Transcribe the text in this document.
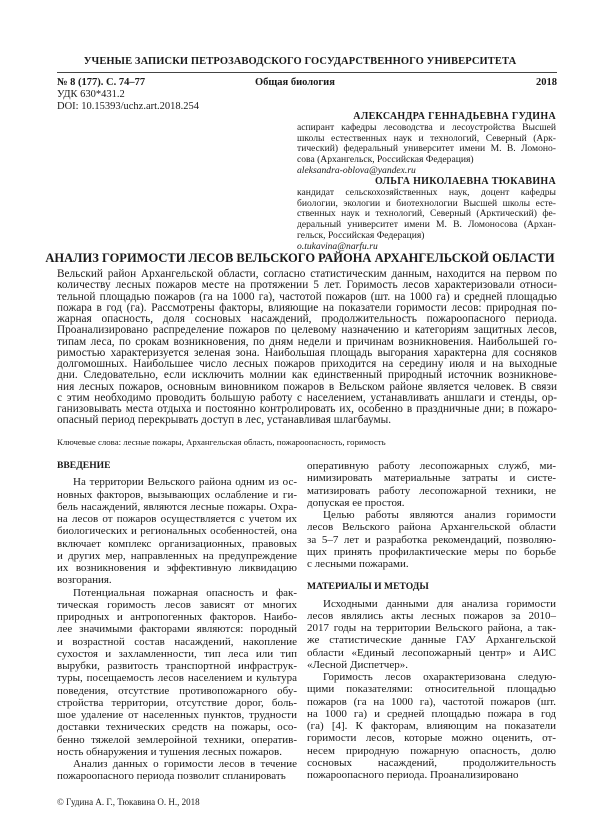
УЧЕНЫЕ ЗАПИСКИ ПЕТРОЗАВОДСКОГО ГОСУДАРСТВЕННОГО УНИВЕРСИТЕТА
№ 8 (177). С. 74–77	Общая биология	2018
УДК 630*431.2
DOI: 10.15393/uchz.art.2018.254
АЛЕКСАНДРА ГЕННАДЬЕВНА ГУДИНА
аспирант кафедры лесоводства и лесоустройства Высшей
школы естественных наук и технологий, Северный (Арк-
тический) федеральный университет имени М. В. Ломоно-
сова (Архангельск, Российская Федерация)
aleksandra-oblova@yandex.ru
ОЛЬГА НИКОЛАЕВНА ТЮКАВИНА
кандидат сельскохозяйственных наук, доцент кафедры
биологии, экологии и биотехнологии Высшей школы есте-
ственных наук и технологий, Северный (Арктический) фе-
деральный университет имени М. В. Ломоносова (Архан-
гельск, Российская Федерация)
o.tukavina@narfu.ru
АНАЛИЗ ГОРИМОСТИ ЛЕСОВ ВЕЛЬСКОГО РАЙОНА АРХАНГЕЛЬСКОЙ ОБЛАСТИ
Вельский район Архангельской области, согласно статистическим данным, находится на первом по
количеству лесных пожаров месте на протяжении 5 лет. Горимость лесов характеризовали относи-
тельной площадью пожаров (га на 1000 га), частотой пожаров (шт. на 1000 га) и средней площадью
пожара в год (га). Рассмотрены факторы, влияющие на показатели горимости лесов: природная по-
жарная опасность, доля сосновых насаждений, продолжительность пожароопасного периода.
Проанализировано распределение пожаров по целевому назначению и категориям защитных лесов,
типам леса, по срокам возникновения, по дням недели и причинам возникновения. Наибольшей го-
римостью характеризуется зеленая зона. Наибольшая площадь выгорания характерна для сосняков
долгомошных. Наибольшее число лесных пожаров приходится на середину июля и на выходные
дни. Следовательно, если исключить молнии как единственный природный источник возникнове-
ния лесных пожаров, основным виновником пожаров в Вельском районе является человек. В связи
с этим необходимо проводить большую работу с населением, устанавливать аншлаги и стенды, ор-
ганизовывать места отдыха и постоянно контролировать их, особенно в праздничные дни; в пожаро-
опасный период перекрывать доступ в лес, устанавливая шлагбаумы.
Ключевые слова: лесные пожары, Архангельская область, пожароопасность, горимость
ВВЕДЕНИЕ
На территории Вельского района одним из ос-
новных факторов, вызывающих ослабление и ги-
бель насаждений, являются лесные пожары. Охра-
на лесов от пожаров осуществляется с учетом их
биологических и региональных особенностей, она
включает комплекс организационных, правовых
и других мер, направленных на предупреждение
их возникновения и эффективную ликвидацию
возгорания.
Потенциальная пожарная опасность и фак-
тическая горимость лесов зависят от многих
природных и антропогенных факторов. Наибо-
лее значимыми факторами являются: породный
и возрастной состав насаждений, накопление
сухостоя и захламленности, тип леса или тип
вырубки, развитость транспортной инфраструк-
туры, посещаемость лесов населением и культура
поведения, отсутствие противопожарного обу-
стройства территории, отсутствие дорог, боль-
шое удаление от населенных пунктов, трудности
доставки технических средств на пожары, осо-
бенно тяжелой землеройной техники, оператив-
ность обнаружения и тушения лесных пожаров.
Анализ данных о горимости лесов в течение
пожароопасного периода позволит спланировать
оперативную работу лесопожарных служб, ми-
нимизировать материальные затраты и систе-
матизировать работу лесопожарной техники, не
допуская ее простоя.
Целью работы являются анализ горимости
лесов Вельского района Архангельской области
за 5–7 лет и разработка рекомендаций, позволяю-
щих принять профилактические меры по борьбе
с лесными пожарами.
МАТЕРИАЛЫ И МЕТОДЫ
Исходными данными для анализа горимости
лесов являлись акты лесных пожаров за 2010–
2017 годы на территории Вельского района, а так-
же статистические данные ГАУ Архангельской
области «Единый лесопожарный центр» и АИС
«Лесной Диспетчер».
Горимость лесов охарактеризована следую-
щими показателями: относительной площадью
пожаров (га на 1000 га), частотой пожаров (шт.
на 1000 га) и средней площадью пожара в год
(га) [4]. К факторам, влияющим на показатели
горимости лесов, которые можно оценить, от-
несем природную пожарную опасность, долю
сосновых насаждений, продолжительность
пожароопасного периода. Проанализировано
© Гудина А. Г., Тюкавина О. Н., 2018
